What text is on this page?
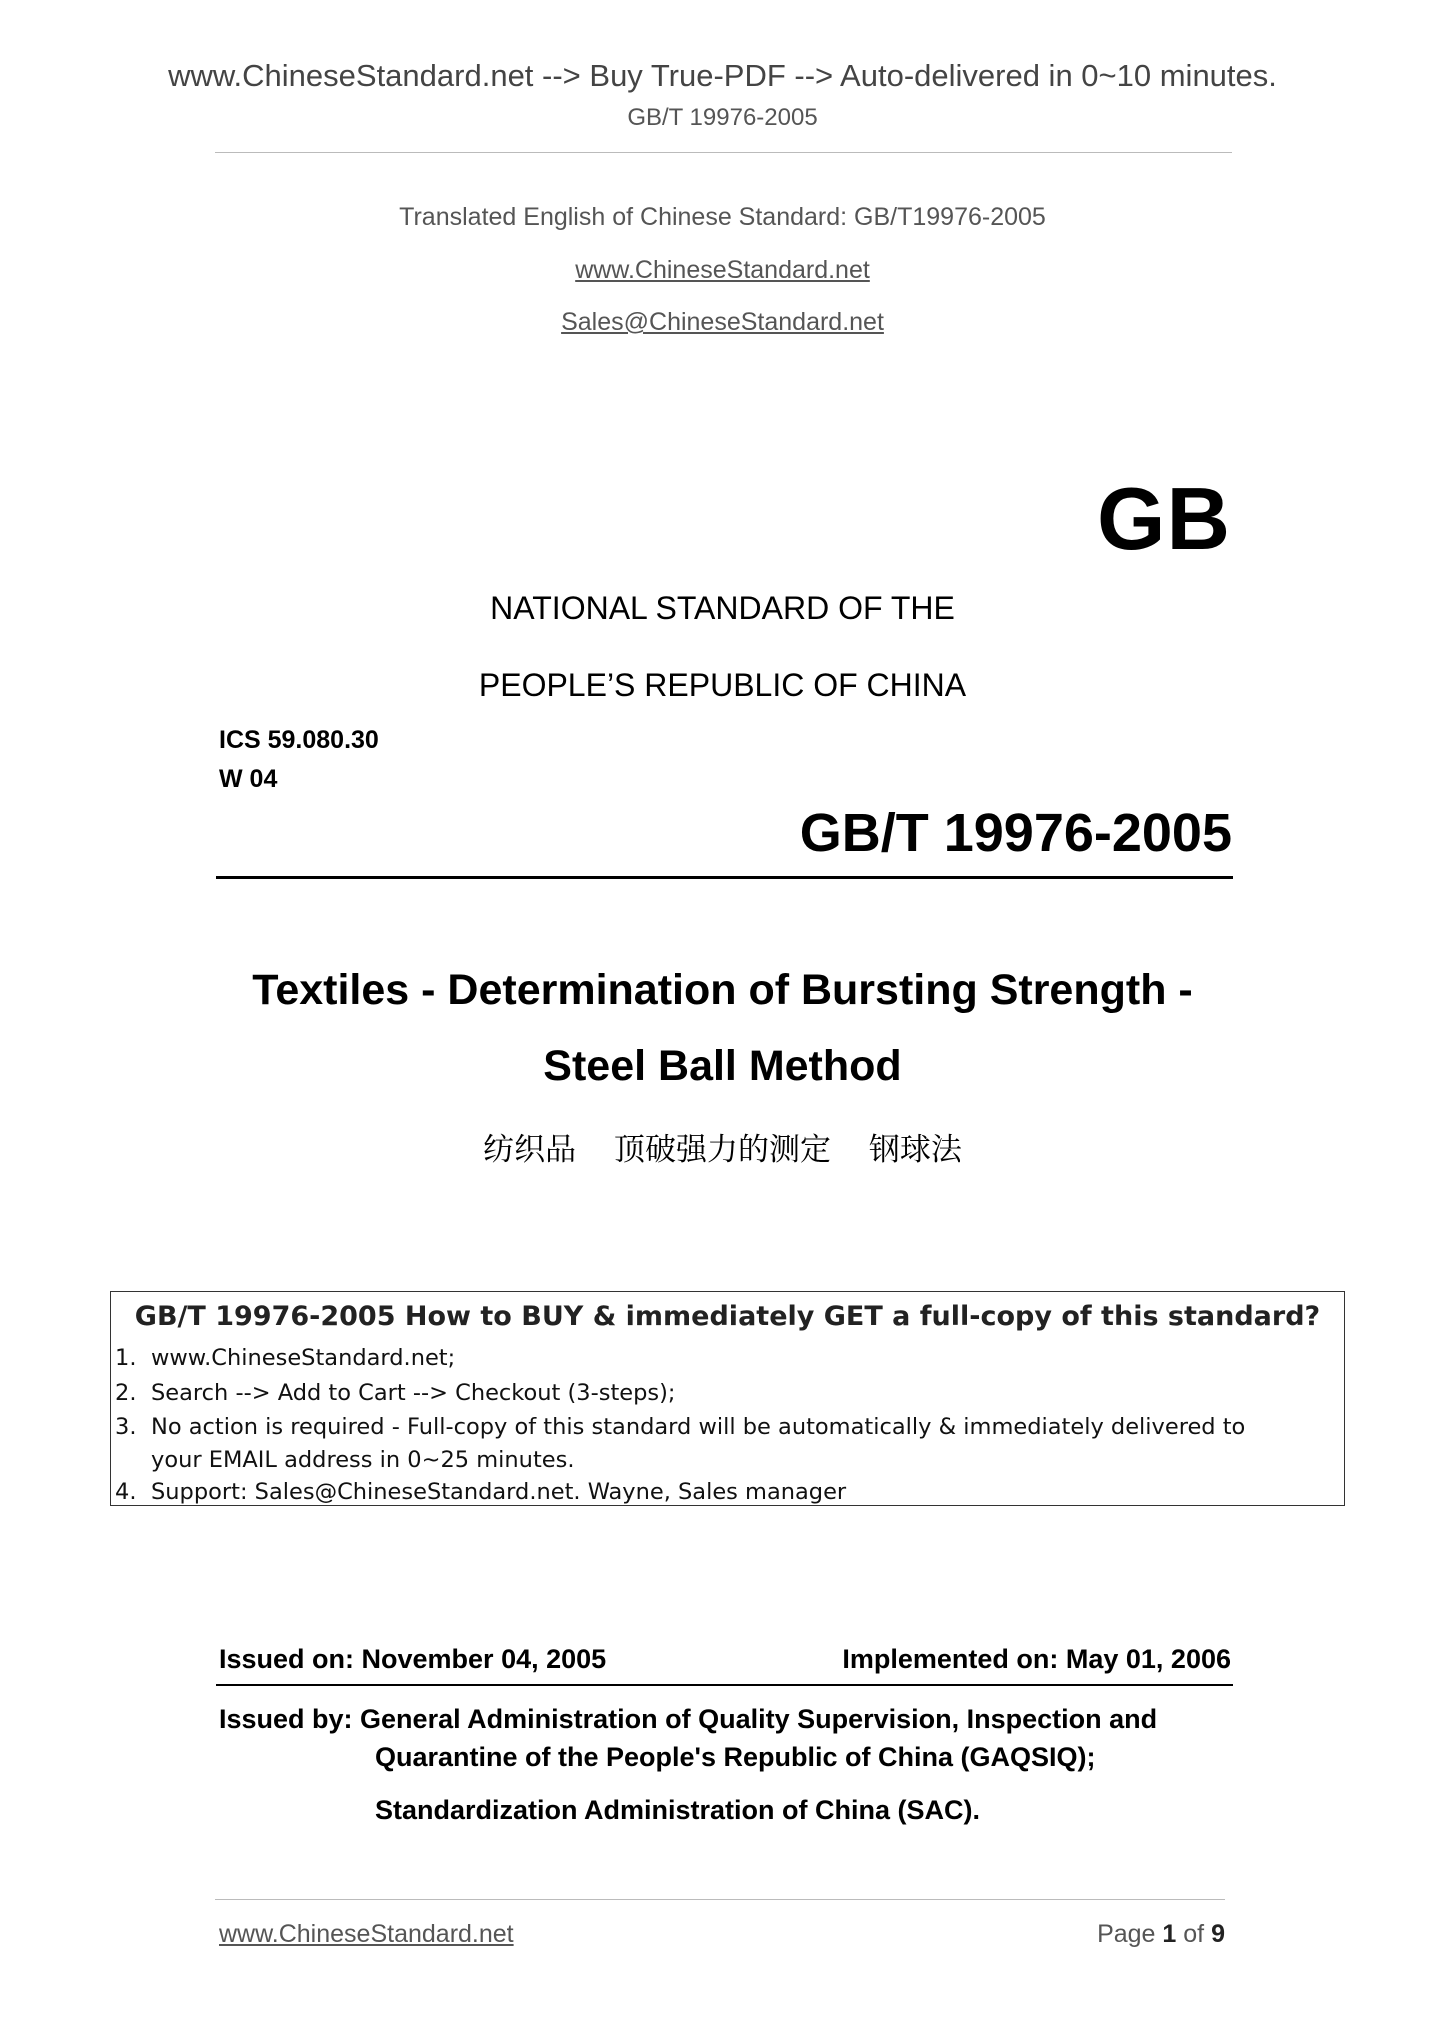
www.ChineseStandard.net --> Buy True-PDF --> Auto-delivered in 0~10 minutes.
GB/T 19976-2005
Translated English of Chinese Standard: GB/T19976-2005
www.ChineseStandard.net
Sales@ChineseStandard.net
GB
NATIONAL STANDARD OF THE
PEOPLE’S REPUBLIC OF CHINA
ICS 59.080.30
W 04
GB/T 19976-2005
Textiles - Determination of Bursting Strength -
Steel Ball Method
纺织品 顶破强力的测定 钢球法
GB/T 19976-2005 How to BUY & immediately GET a full-copy of this standard?
1. www.ChineseStandard.net;
2. Search --> Add to Cart --> Checkout (3-steps);
3. No action is required - Full-copy of this standard will be automatically & immediately delivered to
your EMAIL address in 0~25 minutes.
4. Support: Sales@ChineseStandard.net. Wayne, Sales manager
Issued on: November 04, 2005	Implemented on: May 01, 2006
Issued by: General Administration of Quality Supervision, Inspection and
Quarantine of the People's Republic of China (GAQSIQ);
Standardization Administration of China (SAC).
www.ChineseStandard.net	Page 1 of 9
